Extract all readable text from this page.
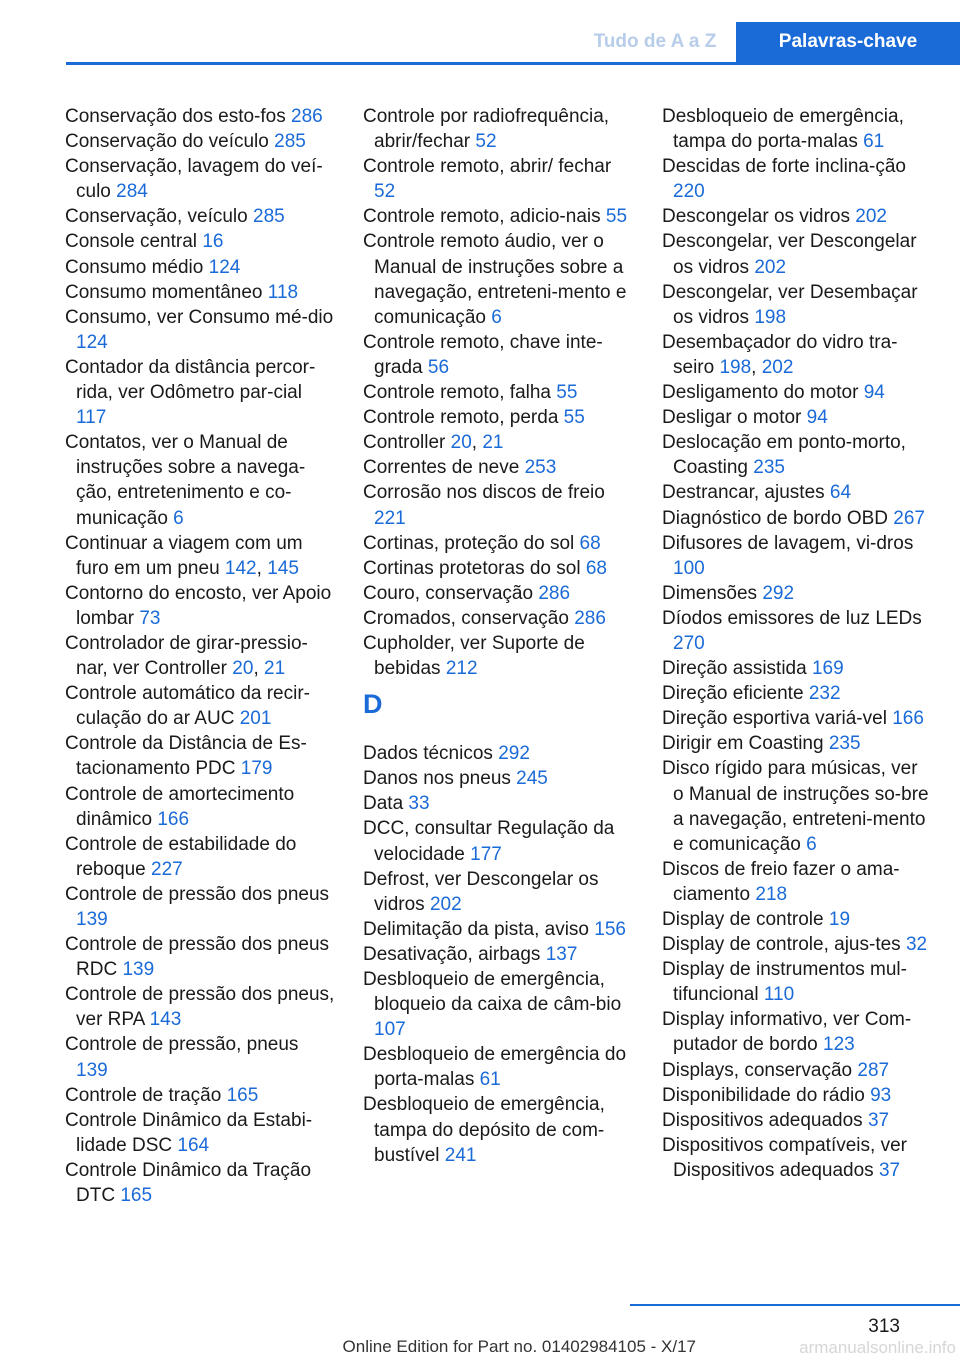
Tudo de A a Z	Palavras-chave
Conservação dos esto-fos 286
Conservação do veículo 285
Conservação, lavagem do veí-culo 284
Conservação, veículo 285
Console central 16
Consumo médio 124
Consumo momentâneo 118
Consumo, ver Consumo mé-dio 124
Contador da distância percor-rida, ver Odômetro par-cial 117
Contatos, ver o Manual de instruções sobre a navega-ção, entretenimento e co-municação 6
Continuar a viagem com um furo em um pneu 142, 145
Contorno do encosto, ver Apoio lombar 73
Controlador de girar-pressio-nar, ver Controller 20, 21
Controle automático da recir-culação do ar AUC 201
Controle da Distância de Es-tacionamento PDC 179
Controle de amortecimento dinâmico 166
Controle de estabilidade do reboque 227
Controle de pressão dos pneus 139
Controle de pressão dos pneus RDC 139
Controle de pressão dos pneus, ver RPA 143
Controle de pressão, pneus 139
Controle de tração 165
Controle Dinâmico da Estabi-lidade DSC 164
Controle Dinâmico da Tração DTC 165
Controle por radiofrequência, abrir/fechar 52
Controle remoto, abrir/ fechar 52
Controle remoto, adicio-nais 55
Controle remoto áudio, ver o Manual de instruções sobre a navegação, entreteni-mento e comunicação 6
Controle remoto, chave inte-grada 56
Controle remoto, falha 55
Controle remoto, perda 55
Controller 20, 21
Correntes de neve 253
Corrosão nos discos de freio 221
Cortinas, proteção do sol 68
Cortinas protetoras do sol 68
Couro, conservação 286
Cromados, conservação 286
Cupholder, ver Suporte de bebidas 212
D
Dados técnicos 292
Danos nos pneus 245
Data 33
DCC, consultar Regulação da velocidade 177
Defrost, ver Descongelar os vidros 202
Delimitação da pista, aviso 156
Desativação, airbags 137
Desbloqueio de emergência, bloqueio da caixa de câm-bio 107
Desbloqueio de emergência do porta-malas 61
Desbloqueio de emergência, tampa do depósito de com-bustível 241
Desbloqueio de emergência, tampa do porta-malas 61
Descidas de forte inclina-ção 220
Descongelar os vidros 202
Descongelar, ver Descongelar os vidros 202
Descongelar, ver Desembaçar os vidros 198
Desembaçador do vidro tra-seiro 198, 202
Desligamento do motor 94
Desligar o motor 94
Deslocação em ponto-morto, Coasting 235
Destrancar, ajustes 64
Diagnóstico de bordo OBD 267
Difusores de lavagem, vi-dros 100
Dimensões 292
Díodos emissores de luz LEDs 270
Direção assistida 169
Direção eficiente 232
Direção esportiva variá-vel 166
Dirigir em Coasting 235
Disco rígido para músicas, ver o Manual de instruções so-bre a navegação, entreteni-mento e comunicação 6
Discos de freio fazer o ama-ciamento 218
Display de controle 19
Display de controle, ajus-tes 32
Display de instrumentos mul-tifuncional 110
Display informativo, ver Com-putador de bordo 123
Displays, conservação 287
Disponibilidade do rádio 93
Dispositivos adequados 37
Dispositivos compatíveis, ver Dispositivos adequados 37
313
Online Edition for Part no. 01402984105 - X/17	armanualsonline.info
